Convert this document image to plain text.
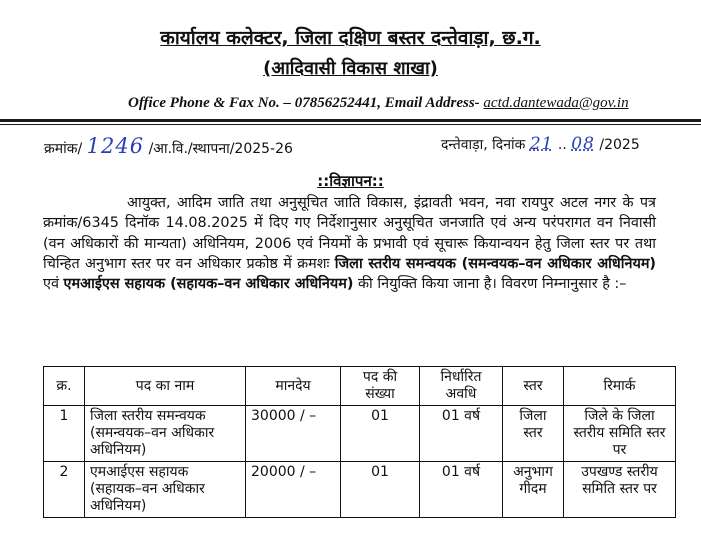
कार्यालय कलेक्टर, जिला दक्षिण बस्तर दन्तेवाड़ा, छ.ग.
(आदिवासी विकास शाखा)
Office Phone & Fax No. – 07856252441, Email Address- actd.dantewada@gov.in
क्रमांक/ 1246 /आ.वि./स्थापना/2025-26	दन्तेवाड़ा, दिनांक 21 .. 08 /2025
::विज्ञापन::
आयुक्त, आदिम जाति तथा अनुसूचित जाति विकास, इंद्रावती भवन, नवा रायपुर अटल नगर के पत्र क्रमांक/6345 दिनॉक 14.08.2025 में दिए गए निर्देशानुसार अनुसूचित जनजाति एवं अन्य परंपरागत वन निवासी (वन अधिकारों की मान्यता) अधिनियम, 2006 एवं नियमों के प्रभावी एवं सूचारू कियान्वयन हेतु जिला स्तर पर तथा चिन्हित अनुभाग स्तर पर वन अधिकार प्रकोष्ठ में क्रमशः जिला स्तरीय समन्वयक (समन्वयक–वन अधिकार अधिनियम) एवं एमआईएस सहायक (सहायक–वन अधिकार अधिनियम) की नियुक्ति किया जाना है। विवरण निम्नानुसार है :–
क्र.	पद का नाम	मानदेय	पद की संख्या	निर्धारित अवधि	स्तर	रिमार्क
1	जिला स्तरीय समन्वयक (समन्वयक–वन अधिकार अधिनियम)	30000 / –	01	01 वर्ष	जिला स्तर	जिले के जिला स्तरीय समिति स्तर पर
2	एमआईएस सहायक (सहायक–वन अधिकार अधिनियम)	20000 / –	01	01 वर्ष	अनुभाग गीदम	उपखण्ड स्तरीय समिति स्तर पर
